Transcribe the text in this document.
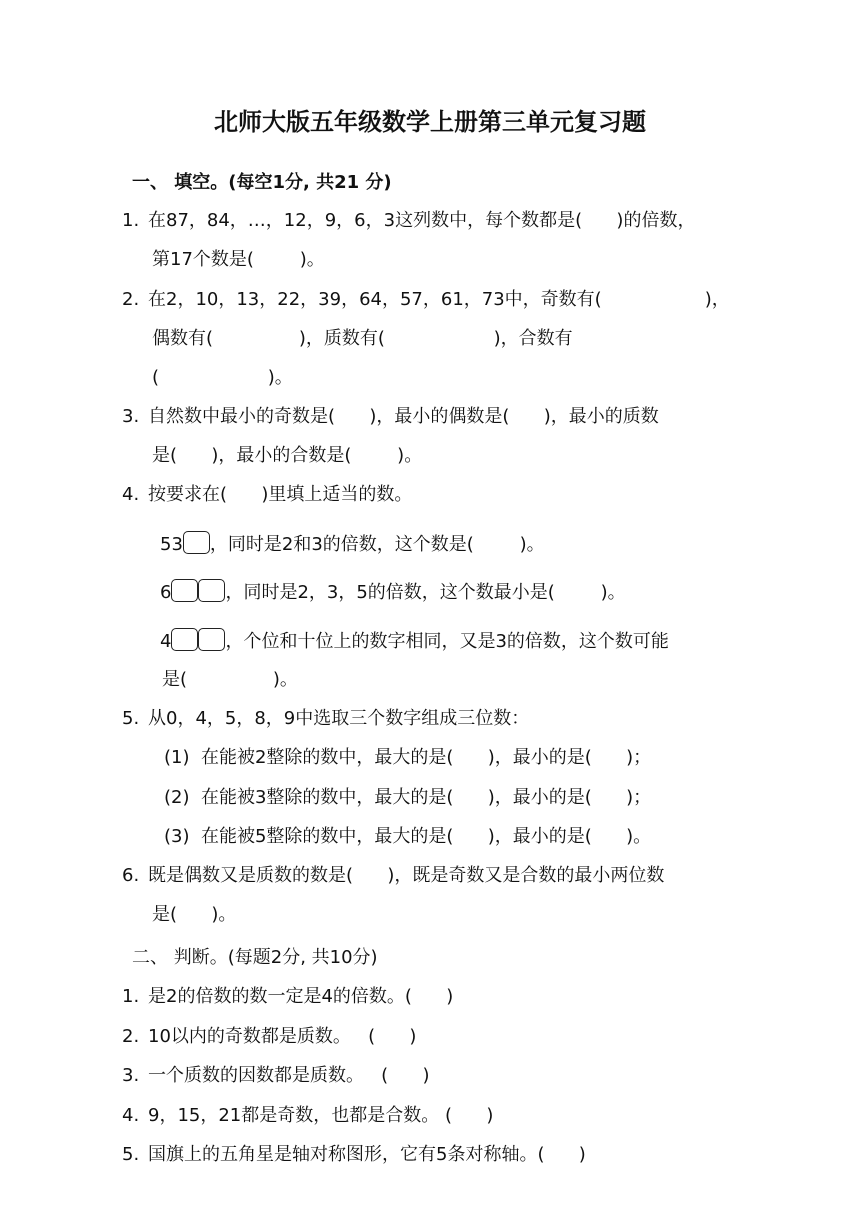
北师大版五年级数学上册第三单元复习题
一、 填空。(每空1分, 共21 分)
1. 在87，84，…，12，9，6，3这列数中，每个数都是(      )的倍数，
第17个数是(        )。
2. 在2，10，13，22，39，64，57，61，73中，奇数有(                  )，
偶数有(               )，质数有(                   )，合数有
(                   )。
3. 自然数中最小的奇数是(      )，最小的偶数是(      )，最小的质数
是(      )，最小的合数是(        )。
4. 按要求在(      )里填上适当的数。
53 ，同时是2和3的倍数，这个数是(        )。
6	，同时是2，3，5的倍数，这个数最小是(        )。
4	，个位和十位上的数字相同，又是3的倍数，这个数可能
是(               )。
5. 从0，4，5，8，9中选取三个数字组成三位数：
(1)  在能被2整除的数中，最大的是(      )，最小的是(      )；
(2)  在能被3整除的数中，最大的是(      )，最小的是(      )；
(3)  在能被5整除的数中，最大的是(      )，最小的是(      )。
6. 既是偶数又是质数的数是(      )，既是奇数又是合数的最小两位数
是(      )。
二、 判断。(每题2分, 共10分)
1. 是2的倍数的数一定是4的倍数。(      )
2. 10以内的奇数都是质数。   (      )
3. 一个质数的因数都是质数。   (      )
4. 9，15，21都是奇数，也都是合数。 (      )
5. 国旗上的五角星是轴对称图形，它有5条对称轴。(      )
